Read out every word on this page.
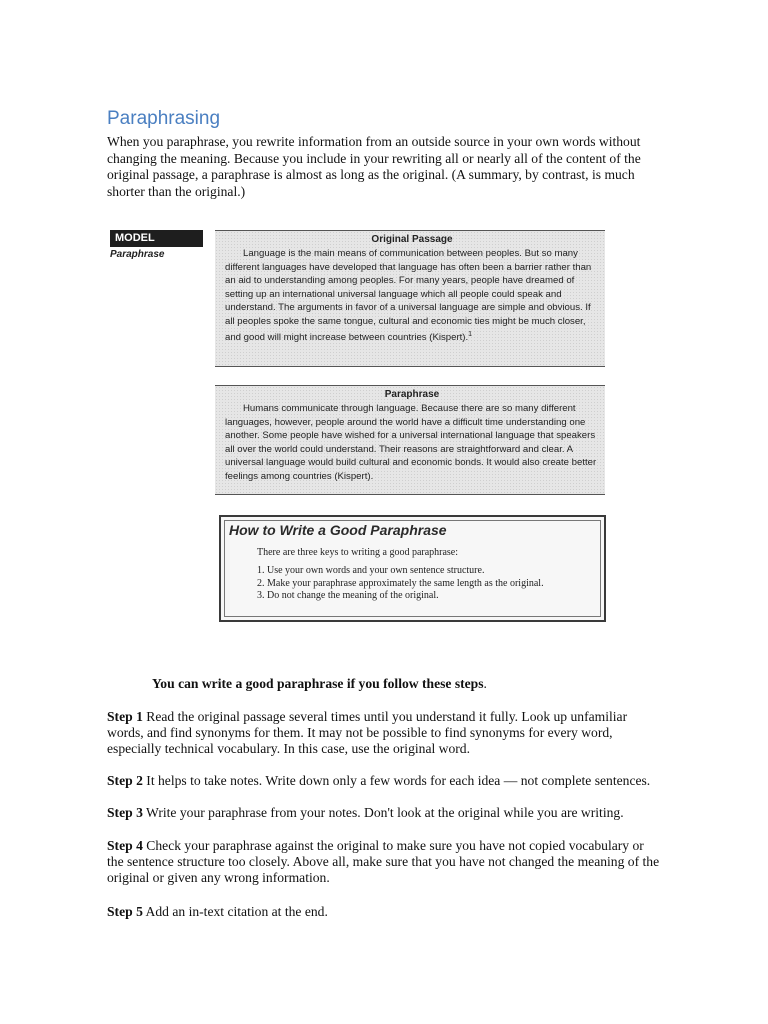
Paraphrasing

When you paraphrase, you rewrite information from an outside source in your own words without changing the meaning. Because you include in your rewriting all or nearly all of the content of the original passage, a paraphrase is almost as long as the original. (A summary, by contrast, is much shorter than the original.)

MODEL
Paraphrase
Original Passage
Language is the main means of communication between peoples. But so many different languages have developed that language has often been a barrier rather than an aid to understanding among peoples. For many years, people have dreamed of setting up an international universal language which all people could speak and understand. The arguments in favor of a universal language are simple and obvious. If all peoples spoke the same tongue, cultural and economic ties might be much closer, and good will might increase between countries (Kispert).$^1$
Paraphrase
Humans communicate through language. Because there are so many different languages, however, people around the world have a difficult time understanding one another. Some people have wished for a universal international language that speakers all over the world could understand. Their reasons are straightforward and clear. A universal language would build cultural and economic bonds. It would also create better feelings among countries (Kispert).
How to Write a Good Paraphrase
There are three keys to writing a good paraphrase:
1. Use your own words and your own sentence structure.
2. Make your paraphrase approximately the same length as the original.
3. Do not change the meaning of the original.
You can write a good paraphrase if you follow these steps.

Step 1 Read the original passage several times until you understand it fully. Look up unfamiliar words, and find synonyms for them. It may not be possible to find synonyms for every word, especially technical vocabulary. In this case, use the original word.

Step 2 It helps to take notes. Write down only a few words for each idea — not complete sentences.

Step 3 Write your paraphrase from your notes. Don't look at the original while you are writing.

Step 4 Check your paraphrase against the original to make sure you have not copied vocabulary or the sentence structure too closely. Above all, make sure that you have not changed the meaning of the original or given any wrong information.

Step 5 Add an in-text citation at the end.
